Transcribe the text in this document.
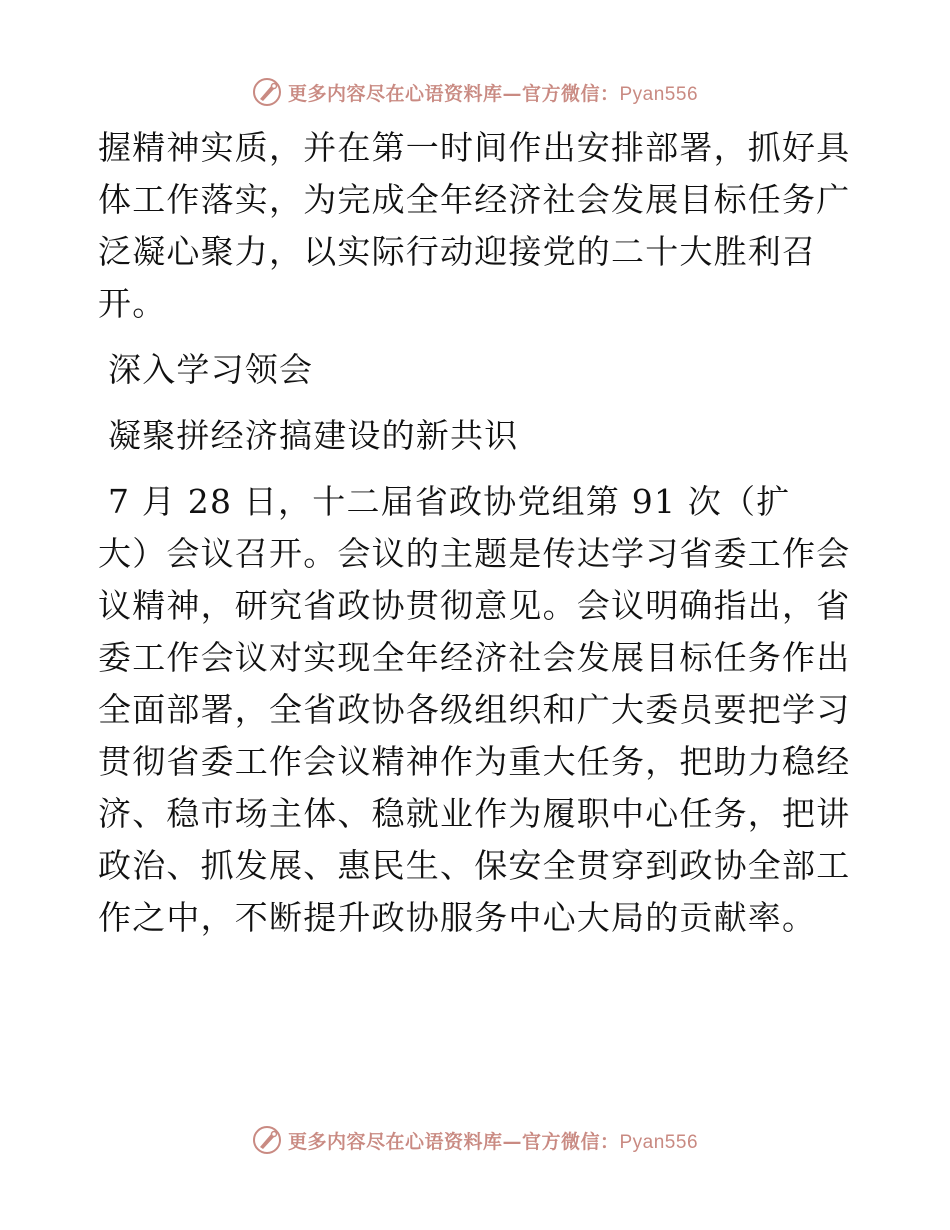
更多内容尽在心语资料库—官方微信：Pyan556
握精神实质，并在第一时间作出安排部署，抓好具
体工作落实，为完成全年经济社会发展目标任务广
泛凝心聚力，以实际行动迎接党的二十大胜利召
开。
深入学习领会
凝聚拼经济搞建设的新共识
7 月 28 日，十二届省政协党组第 91 次（扩
大）会议召开。会议的主题是传达学习省委工作会
议精神，研究省政协贯彻意见。会议明确指出，省
委工作会议对实现全年经济社会发展目标任务作出
全面部署，全省政协各级组织和广大委员要把学习
贯彻省委工作会议精神作为重大任务，把助力稳经
济、稳市场主体、稳就业作为履职中心任务，把讲
政治、抓发展、惠民生、保安全贯穿到政协全部工
作之中，不断提升政协服务中心大局的贡献率。
更多内容尽在心语资料库—官方微信：Pyan556
